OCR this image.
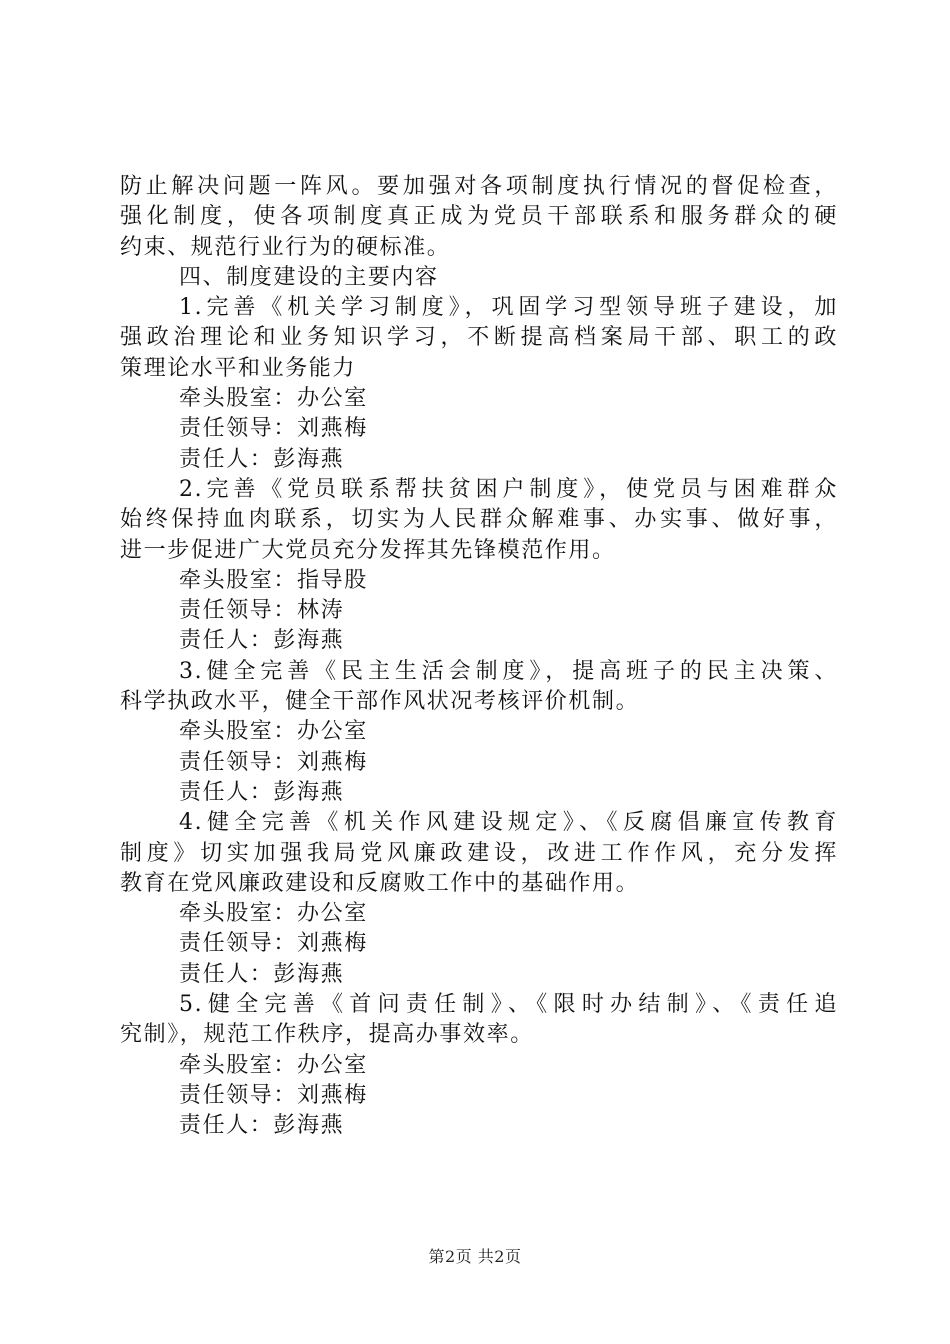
防止解决问题一阵风。要加强对各项制度执行情况的督促检查，
强化制度，使各项制度真正成为党员干部联系和服务群众的硬
约束、规范行业行为的硬标准。
四、制度建设的主要内容
1.完善《机关学习制度》，巩固学习型领导班子建设，加
强政治理论和业务知识学习，不断提高档案局干部、职工的政
策理论水平和业务能力
牵头股室：办公室
责任领导：刘燕梅
责任人：彭海燕
2.完善《党员联系帮扶贫困户制度》，使党员与困难群众
始终保持血肉联系，切实为人民群众解难事、办实事、做好事，
进一步促进广大党员充分发挥其先锋模范作用。
牵头股室：指导股
责任领导：林涛
责任人：彭海燕
3.健全完善《民主生活会制度》，提高班子的民主决策、
科学执政水平，健全干部作风状况考核评价机制。
牵头股室：办公室
责任领导：刘燕梅
责任人：彭海燕
4.健全完善《机关作风建设规定》、《反腐倡廉宣传教育
制度》切实加强我局党风廉政建设，改进工作作风，充分发挥
教育在党风廉政建设和反腐败工作中的基础作用。
牵头股室：办公室
责任领导：刘燕梅
责任人：彭海燕
5.健全完善《首问责任制》、《限时办结制》、《责任追
究制》，规范工作秩序，提高办事效率。
牵头股室：办公室
责任领导：刘燕梅
责任人：彭海燕
第2页 共2页
